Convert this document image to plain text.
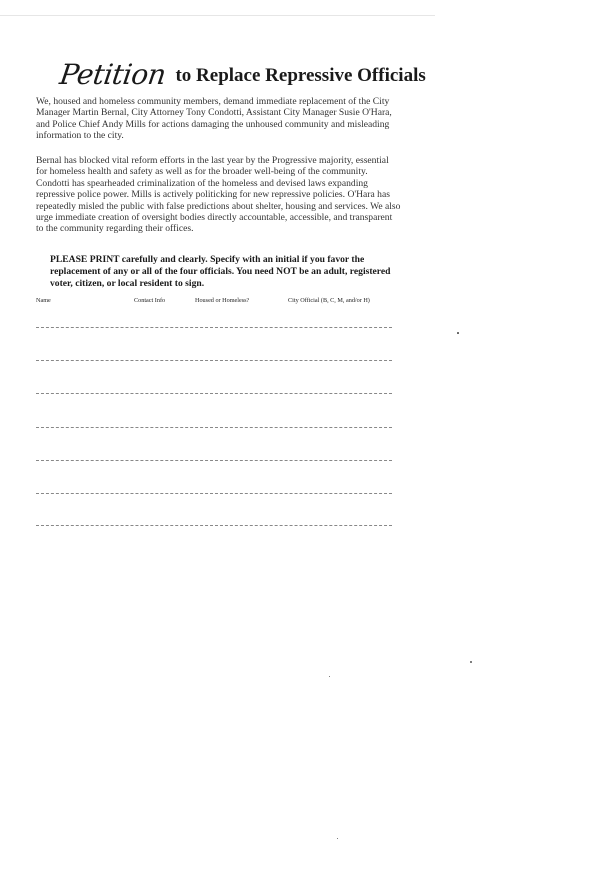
Petition to Replace Repressive Officials

We, housed and homeless community members, demand immediate replacement of the City Manager Martin Bernal, City Attorney Tony Condotti, Assistant City Manager Susie O'Hara, and Police Chief Andy Mills for actions damaging the unhoused community and misleading information to the city.

Bernal has blocked vital reform efforts in the last year by the Progressive majority, essential for homeless health and safety as well as for the broader well-being of the community. Condotti has spearheaded criminalization of the homeless and devised laws expanding repressive police power. Mills is actively politicking for new repressive policies. O'Hara has repeatedly misled the public with false predictions about shelter, housing and services. We also urge immediate creation of oversight bodies directly accountable, accessible, and transparent to the community regarding their offices.

PLEASE PRINT carefully and clearly. Specify with an initial if you favor the replacement of any or all of the four officials. You need NOT be an adult, registered voter, citizen, or local resident to sign.

Name	Contact Info	Housed or Homeless?	City Official (B, C, M, and/or H)
